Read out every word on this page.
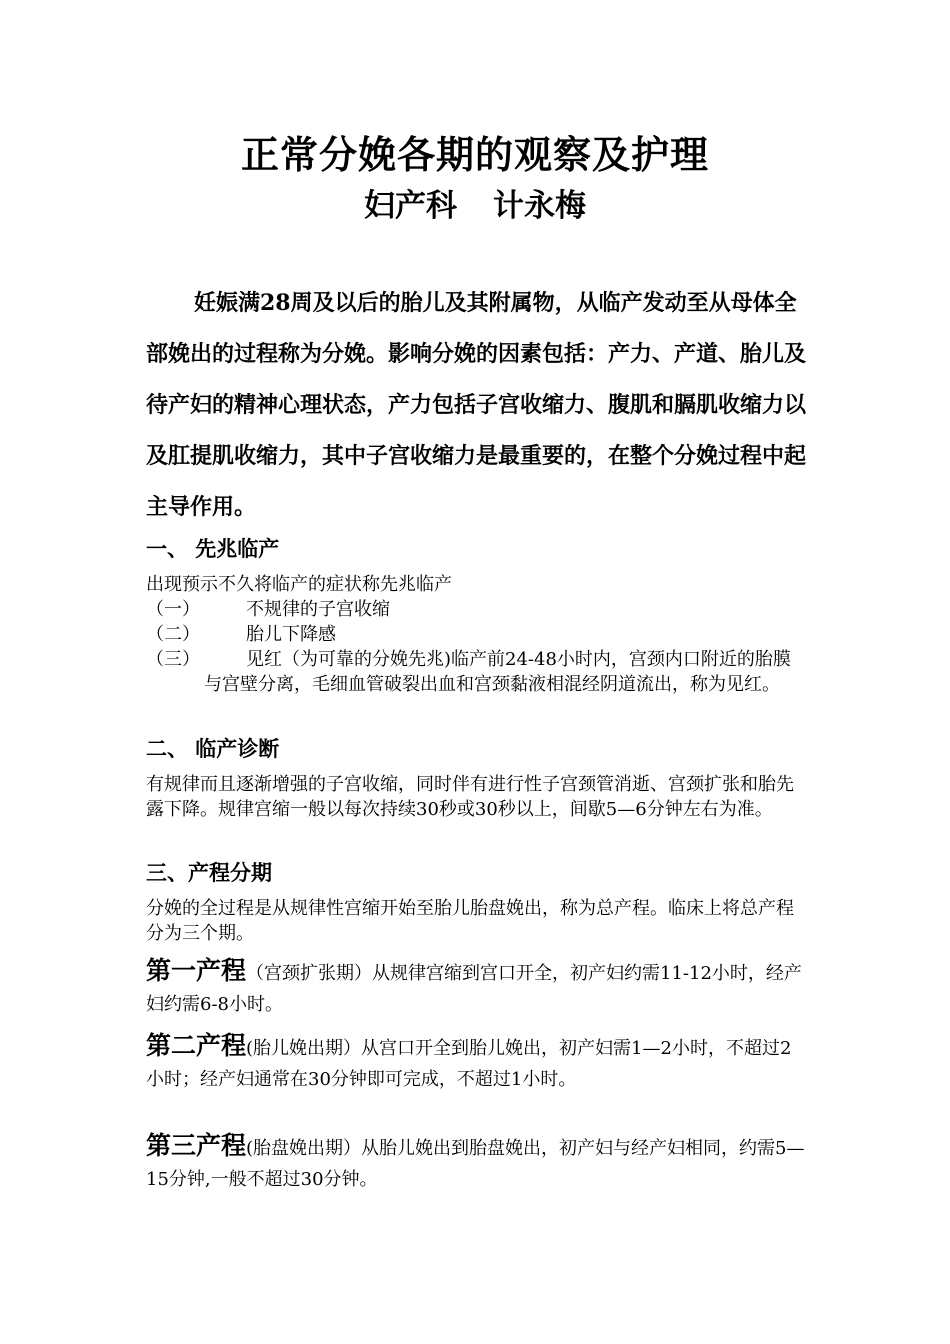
正常分娩各期的观察及护理
妇产科 计永梅
妊娠满28周及以后的胎儿及其附属物，从临产发动至从母体全部娩出的过程称为分娩。影响分娩的因素包括：产力、产道、胎儿及待产妇的精神心理状态，产力包括子宫收缩力、腹肌和膈肌收缩力以及肛提肌收缩力，其中子宫收缩力是最重要的，在整个分娩过程中起主导作用。
一、 先兆临产
出现预示不久将临产的症状称先兆临产
（一）	不规律的子宫收缩
（二）	胎儿下降感
（三）	见红（为可靠的分娩先兆)临产前24-48小时内，宫颈内口附近的胎膜与宫壁分离，毛细血管破裂出血和宫颈黏液相混经阴道流出，称为见红。
二、 临产诊断
有规律而且逐渐增强的子宫收缩，同时伴有进行性子宫颈管消逝、宫颈扩张和胎先露下降。规律宫缩一般以每次持续30秒或30秒以上，间歇5—6分钟左右为准。
三、产程分期
分娩的全过程是从规律性宫缩开始至胎儿胎盘娩出，称为总产程。临床上将总产程分为三个期。
第一产程（宫颈扩张期）从规律宫缩到宫口开全，初产妇约需11-12小时，经产妇约需6-8小时。
第二产程(胎儿娩出期）从宫口开全到胎儿娩出，初产妇需1—2小时，不超过2小时；经产妇通常在30分钟即可完成，不超过1小时。
第三产程(胎盘娩出期）从胎儿娩出到胎盘娩出，初产妇与经产妇相同，约需5—15分钟,一般不超过30分钟。
